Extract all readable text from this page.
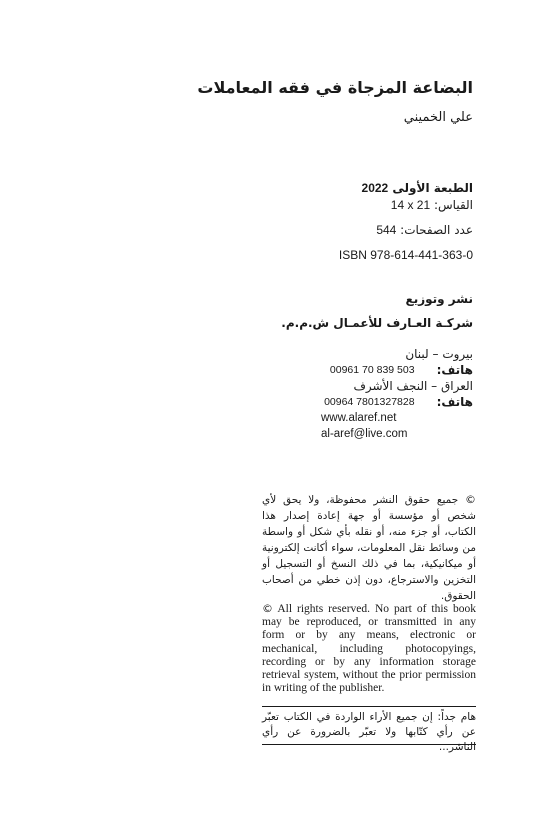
البضاعة المزجاة في فقه المعاملات
علي الخميني
الطبعة الأولى 2022
القياس: 14 x 21
عدد الصفحات: 544
ISBN 978-614-441-363-0
نشر وتوزيع
شركـة العـارف للأعمـال ش.م.م.
بيروت – لبنان
هاتف:
00961 70 839 503
العراق – النجف الأشرف
هاتف:
00964 7801327828
www.alaref.net
al-aref@live.com
© جميع حقوق النشر محفوظة، ولا يحق لأي شخص أو مؤسسة أو جهة إعادة إصدار هذا الكتاب، أو جزء منه، أو نقله بأي شكل أو واسطة من وسائط نقل المعلومات، سواء أكانت إلكترونية أو ميكانيكية، بما في ذلك النسخ أو التسجيل أو التخزين والاسترجاع، دون إذن خطي من أصحاب الحقوق.
© All rights reserved. No part of this book may be reproduced, or transmitted in any form or by any means, electronic or mechanical, including photocopyings, recording or by any information storage retrieval system, without the prior permission in writing of the publisher.
هام جداً: إن جميع الأراء الواردة في الكتاب تعبّر عن رأي كتّابها ولا تعبّر بالضرورة عن رأي الناشر...
